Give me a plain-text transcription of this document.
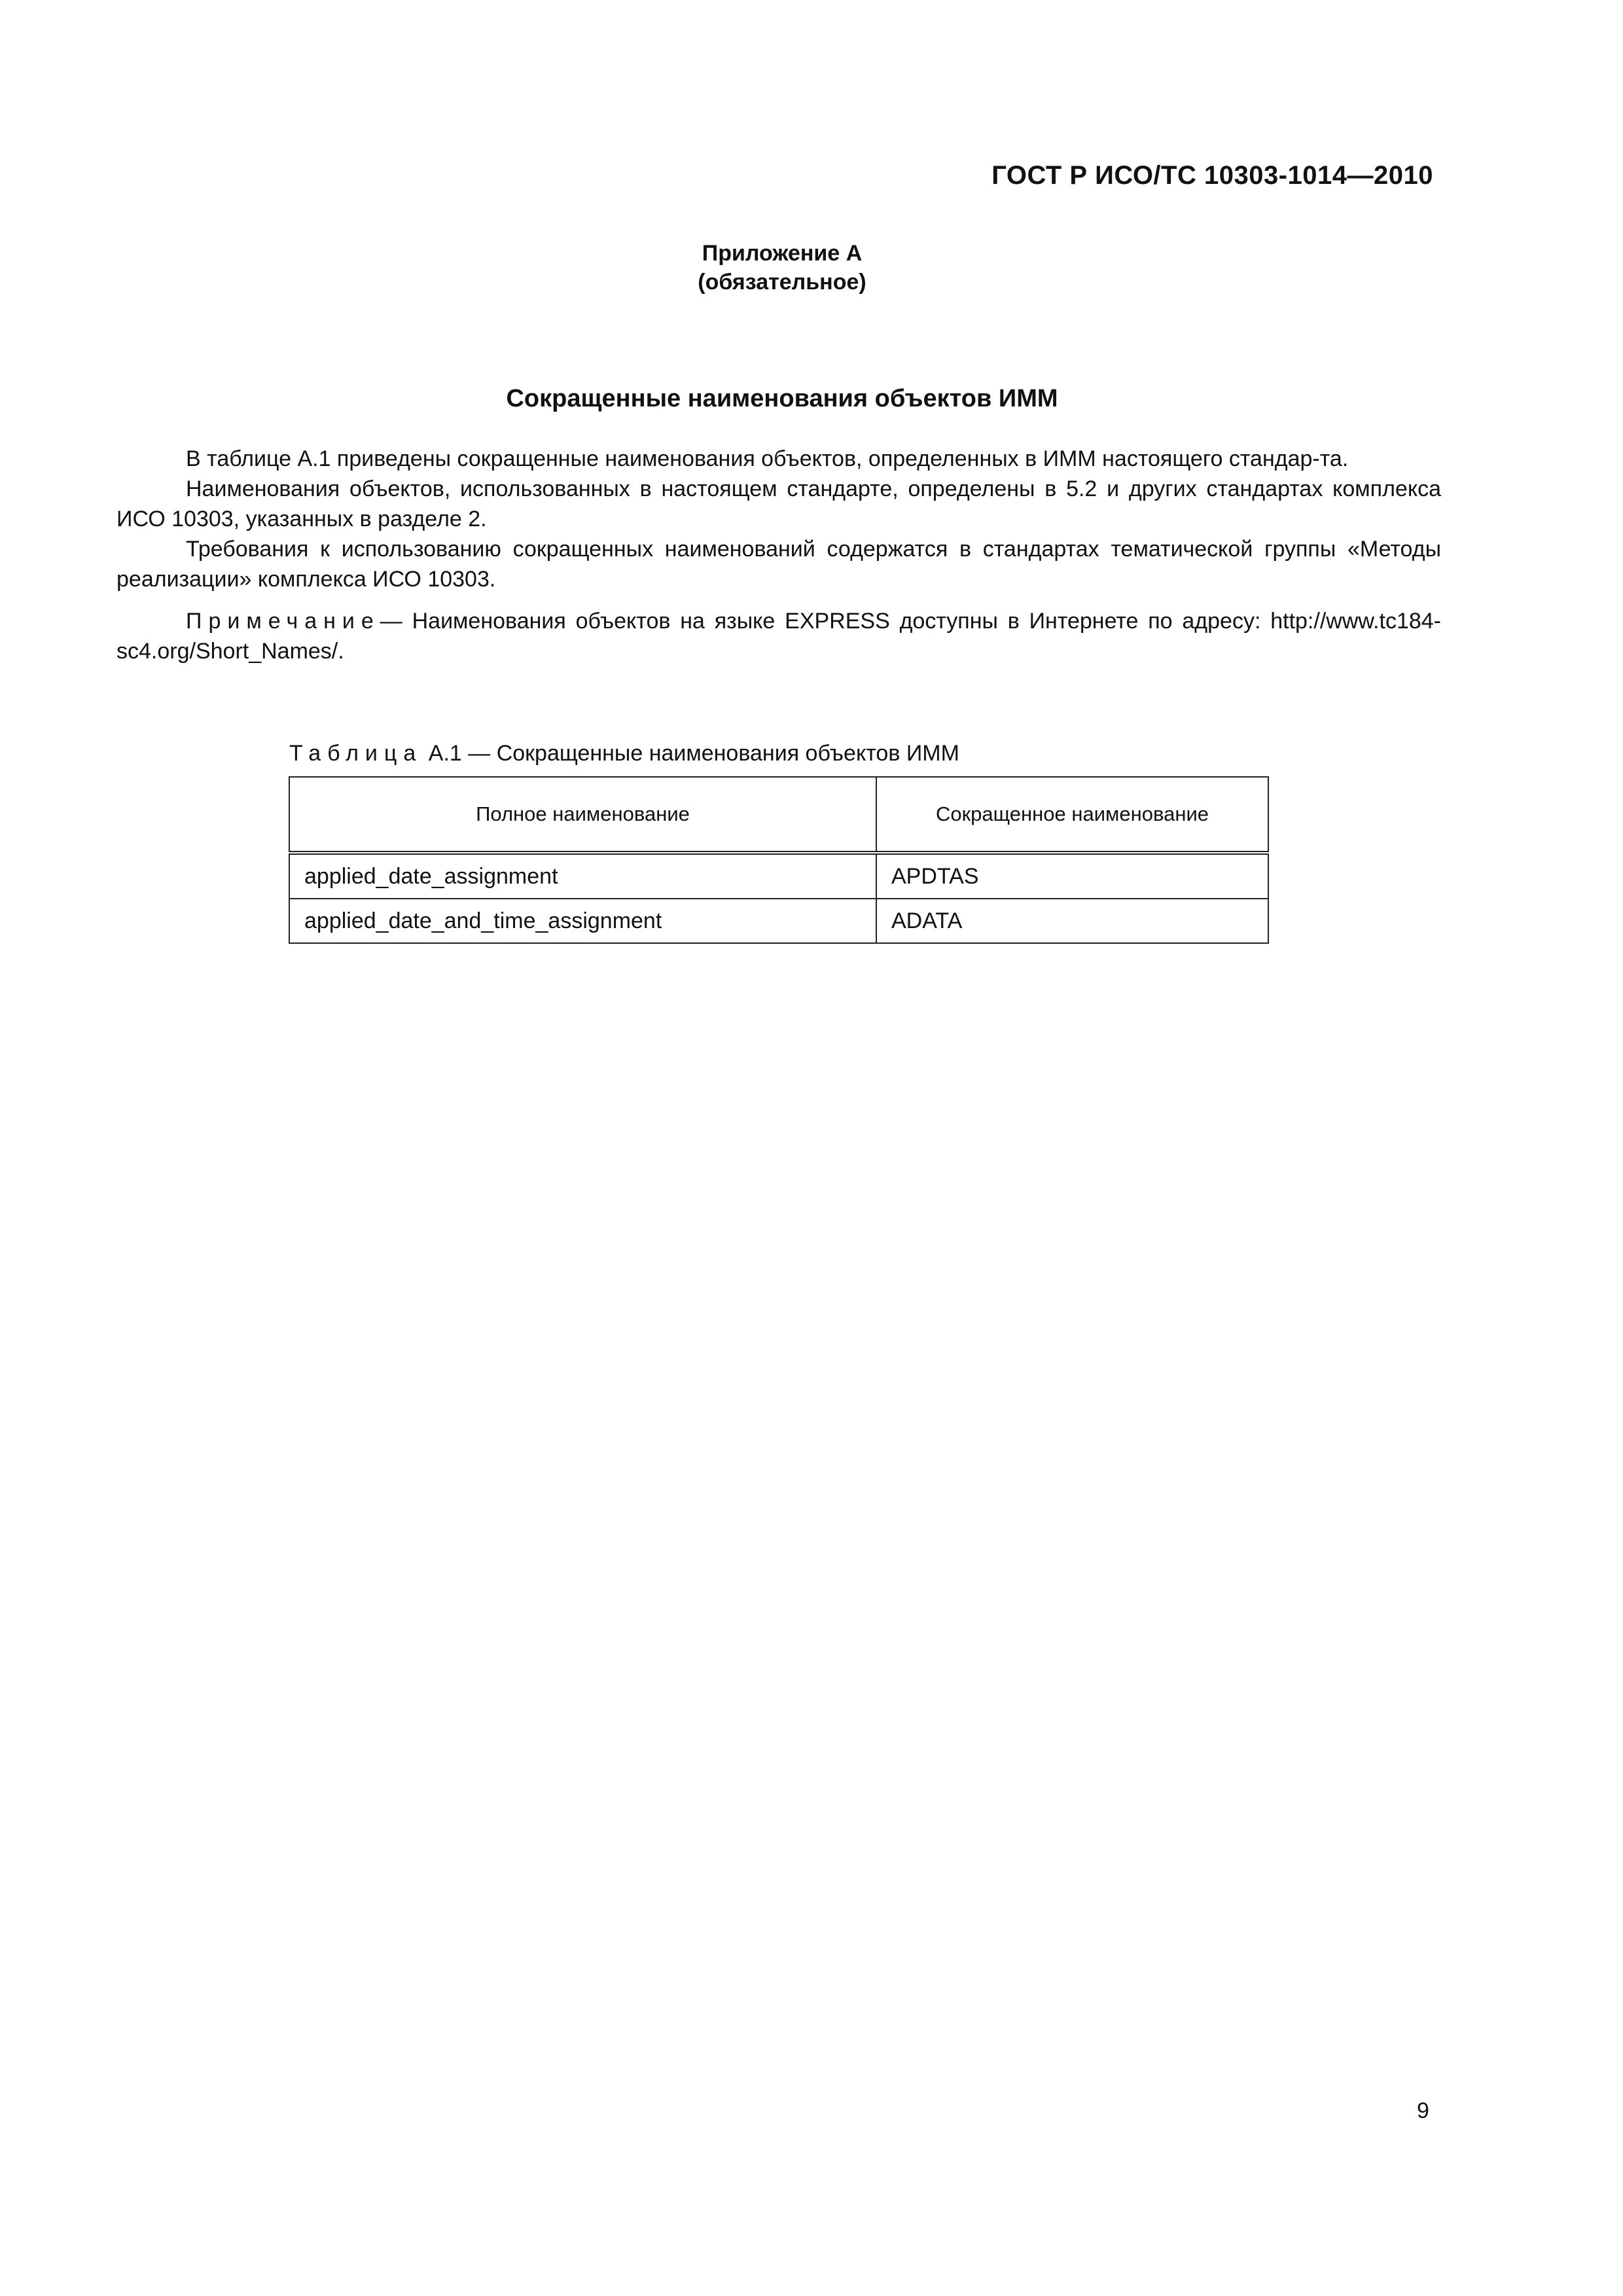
ГОСТ Р ИСО/ТС 10303-1014—2010
Приложение А
(обязательное)
Сокращенные наименования объектов ИММ

В таблице А.1 приведены сокращенные наименования объектов, определенных в ИММ настоящего стандар-та.

Наименования объектов, использованных в настоящем стандарте, определены в 5.2 и других стандартах комплекса ИСО 10303, указанных в разделе 2.

Требования к использованию сокращенных наименований содержатся в стандартах тематической группы «Методы реализации» комплекса ИСО 10303.

Примечание— Наименования объектов на языке EXPRESS доступны в Интернете по адресу: http://www.tc184-sc4.org/Short_Names/.

Таблица А.1 — Сокращенные наименования объектов ИММ
Полное наименование	Сокращенное наименование
applied_date_assignment	APDTAS
applied_date_and_time_assignment	ADATA
9
